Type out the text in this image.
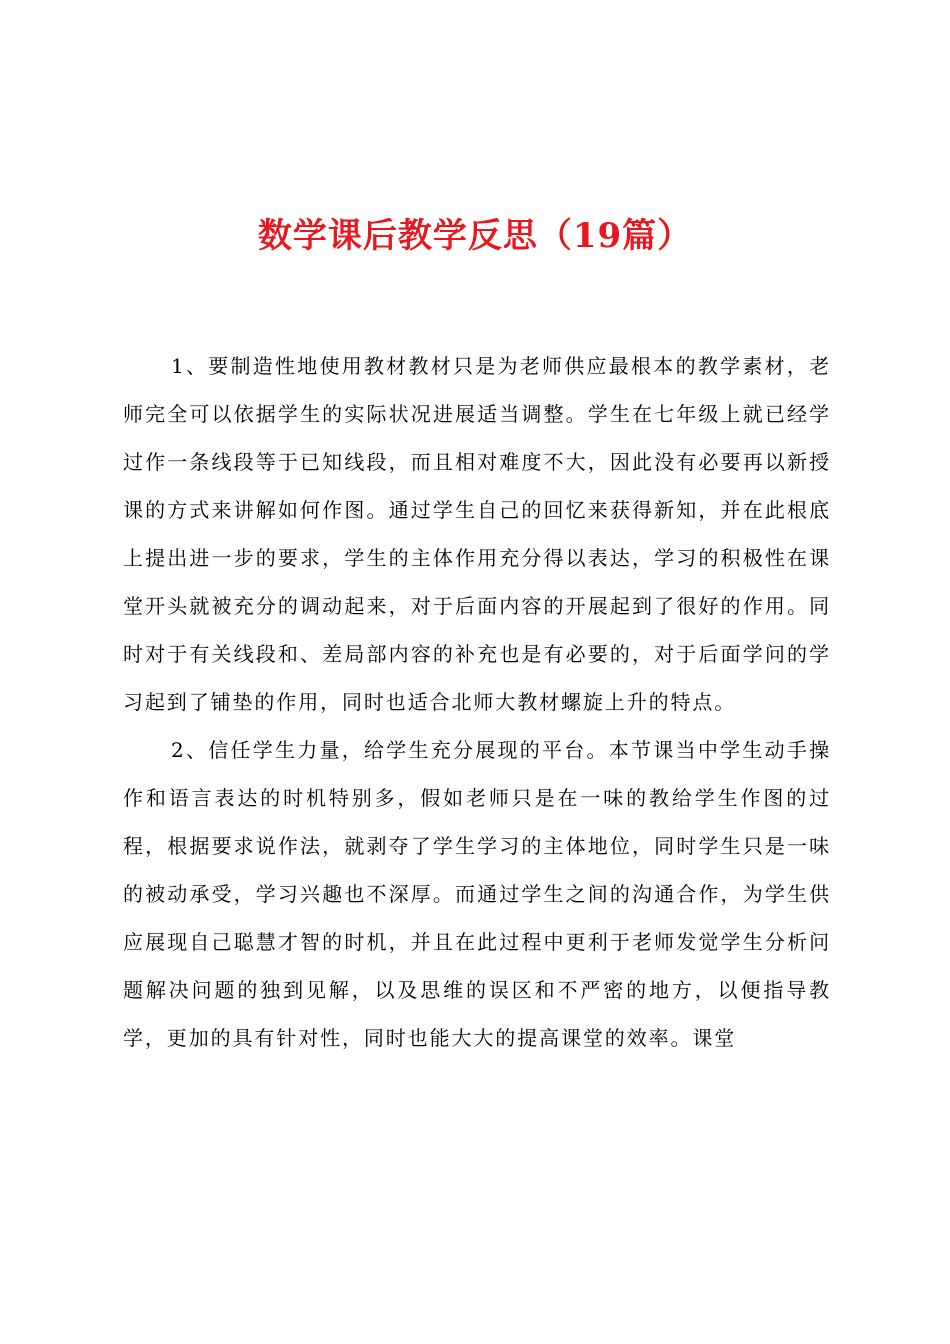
数学课后教学反思（19篇）

1、要制造性地使用教材教材只是为老师供应最根本的教学素材，老师完全可以依据学生的实际状况进展适当调整。学生在七年级上就已经学过作一条线段等于已知线段，而且相对难度不大，因此没有必要再以新授课的方式来讲解如何作图。通过学生自己的回忆来获得新知，并在此根底上提出进一步的要求，学生的主体作用充分得以表达，学习的积极性在课堂开头就被充分的调动起来，对于后面内容的开展起到了很好的作用。同时对于有关线段和、差局部内容的补充也是有必要的，对于后面学问的学习起到了铺垫的作用，同时也适合北师大教材螺旋上升的特点。

2、信任学生力量，给学生充分展现的平台。本节课当中学生动手操作和语言表达的时机特别多，假如老师只是在一味的教给学生作图的过程，根据要求说作法，就剥夺了学生学习的主体地位，同时学生只是一味的被动承受，学习兴趣也不深厚。而通过学生之间的沟通合作，为学生供应展现自己聪慧才智的时机，并且在此过程中更利于老师发觉学生分析问题解决问题的独到见解，以及思维的误区和不严密的地方，以便指导教学，更加的具有针对性，同时也能大大的提高课堂的效率。课堂
